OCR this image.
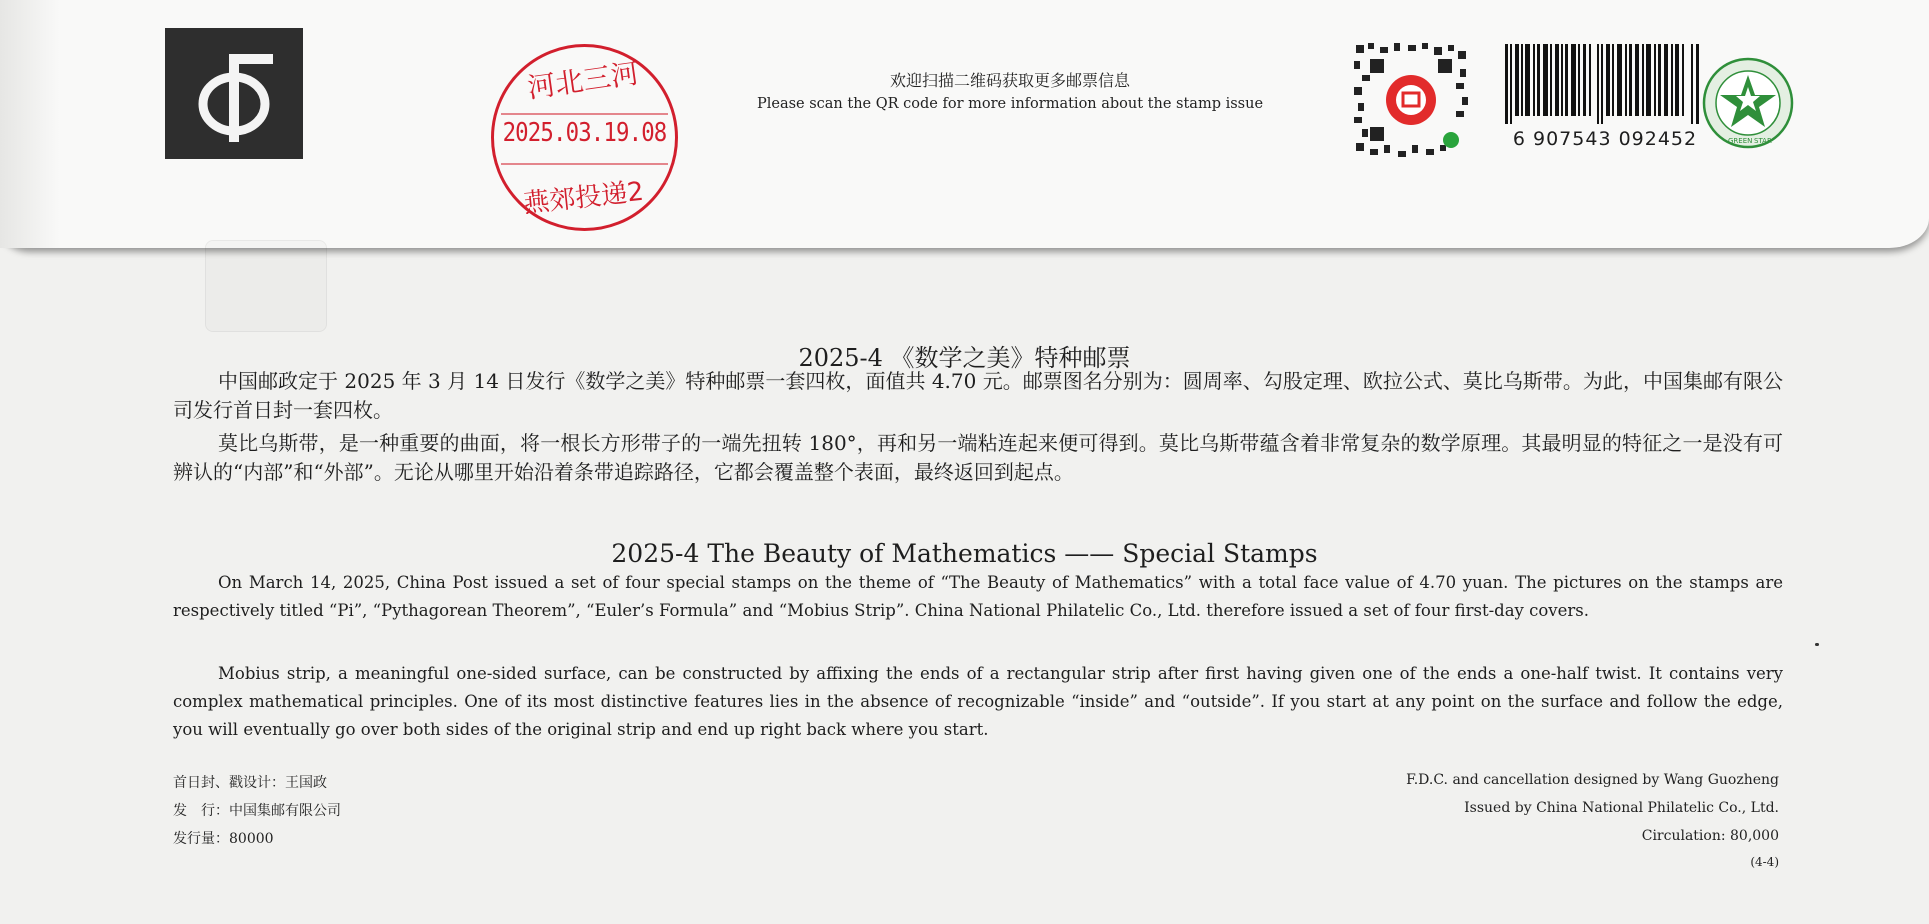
河北三河
燕郊投递2
2025.03.19.08
欢迎扫描二维码获取更多邮票信息
Please scan the QR code for more information about the stamp issue
6 907543 092452	GREEN STAR
2025-4 《数学之美》特种邮票

中国邮政定于 2025 年 3 月 14 日发行《数学之美》特种邮票一套四枚，面值共 4.70 元。邮票图名分别为：圆周率、勾股定理、欧拉公式、莫比乌斯带。为此，中国集邮有限公司发行首日封一套四枚。

莫比乌斯带，是一种重要的曲面，将一根长方形带子的一端先扭转 180°，再和另一端粘连起来便可得到。莫比乌斯带蕴含着非常复杂的数学原理。其最明显的特征之一是没有可辨认的“内部”和“外部”。无论从哪里开始沿着条带追踪路径，它都会覆盖整个表面，最终返回到起点。

2025-4 The Beauty of Mathematics —— Special Stamps

On March 14, 2025, China Post issued a set of four special stamps on the theme of “The Beauty of Mathematics” with a total face value of 4.70 yuan. The pictures on the stamps are respectively titled “Pi”, “Pythagorean Theorem”, “Euler’s Formula” and “Mobius Strip”. China National Philatelic Co., Ltd. therefore issued a set of four first-day covers.

Mobius strip, a meaningful one-sided surface, can be constructed by affixing the ends of a rectangular strip after first having given one of the ends a one-half twist. It contains very complex mathematical principles. One of its most distinctive features lies in the absence of recognizable “inside” and “outside”. If you start at any point on the surface and follow the edge, you will eventually go over both sides of the original strip and end up right back where you start.

首日封、戳设计：王国政
发　行：中国集邮有限公司
发行量：80000
F.D.C. and cancellation designed by Wang Guozheng
Issued by China National Philatelic Co., Ltd.
Circulation: 80,000
(4-4)
